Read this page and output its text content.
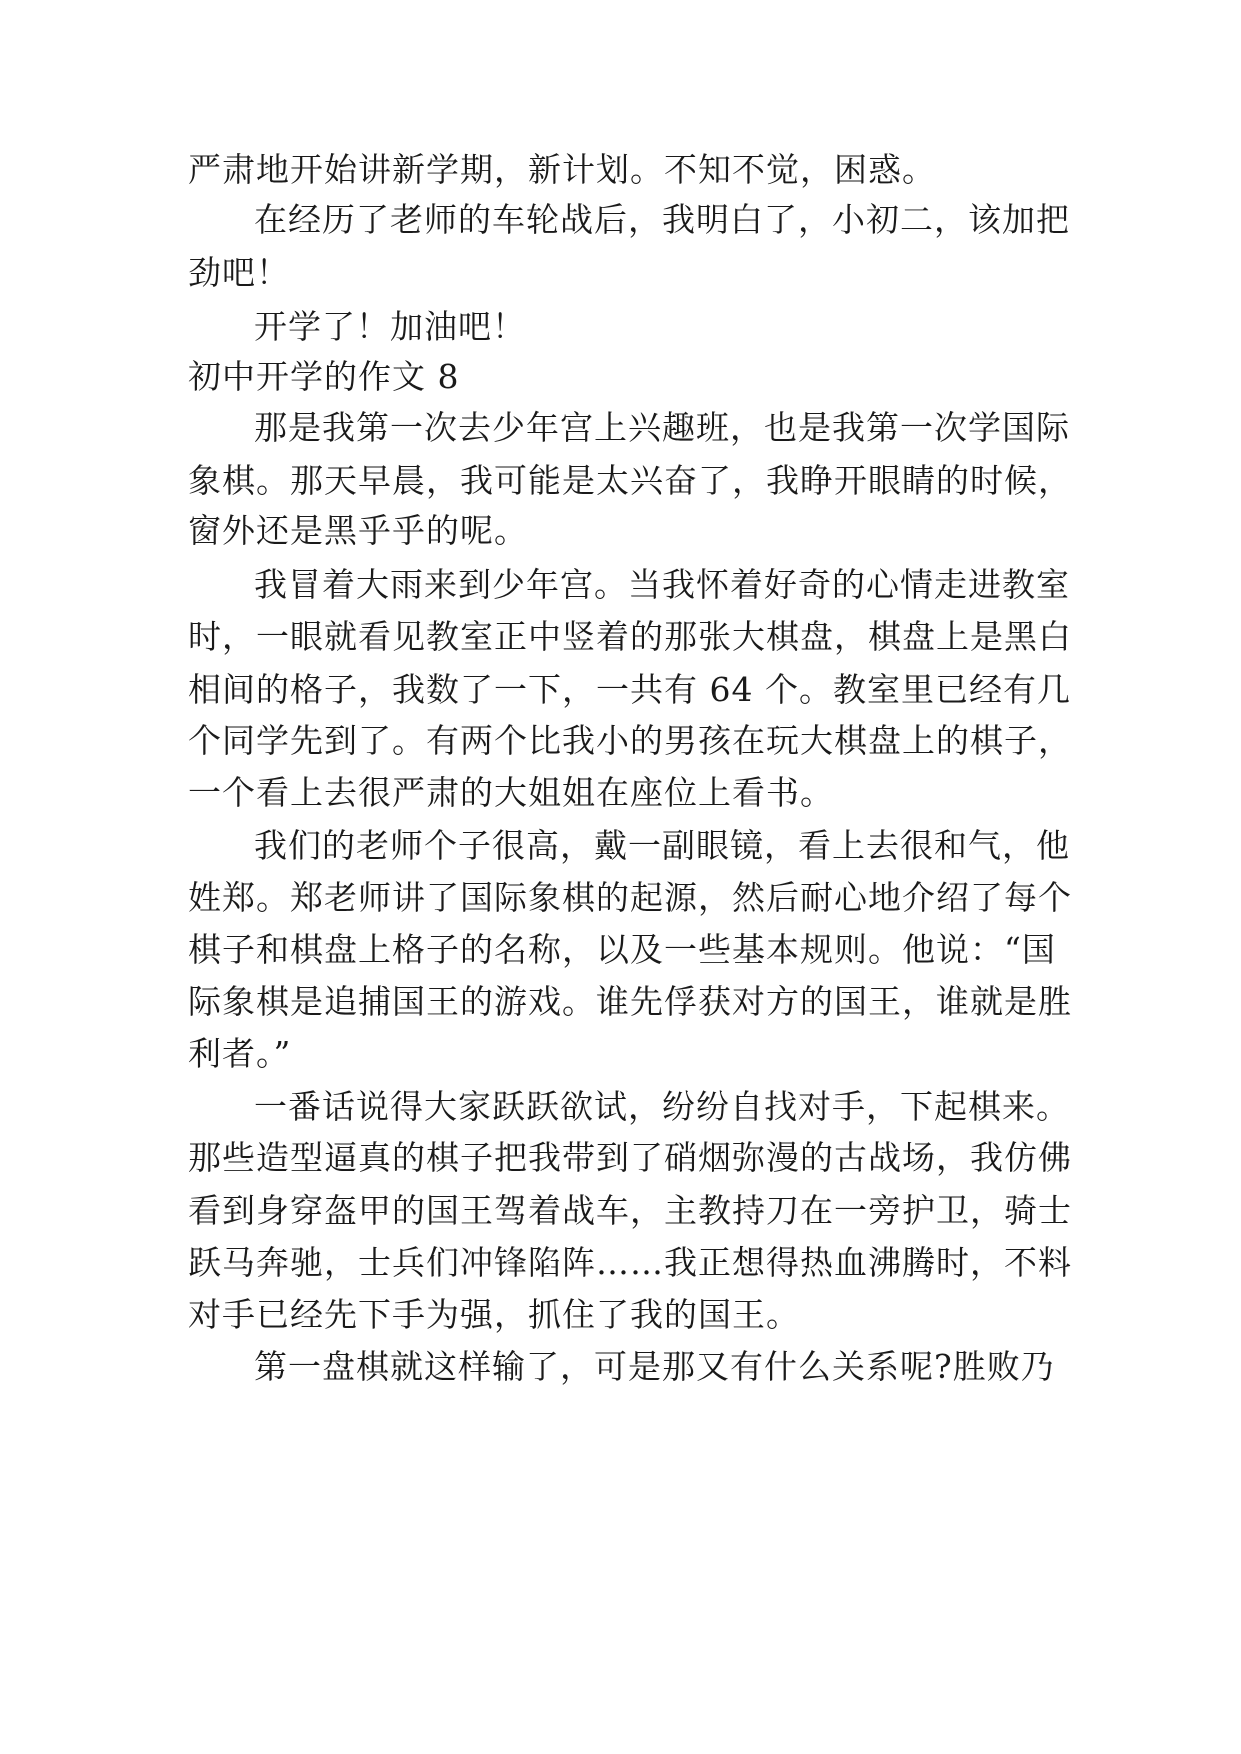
严肃地开始讲新学期，新计划。不知不觉，困惑。
在经历了老师的车轮战后，我明白了，小初二，该加把
劲吧！
开学了！加油吧！
初中开学的作文 8
那是我第一次去少年宫上兴趣班，也是我第一次学国际
象棋。那天早晨，我可能是太兴奋了，我睁开眼睛的时候，
窗外还是黑乎乎的呢。
我冒着大雨来到少年宫。当我怀着好奇的心情走进教室
时，一眼就看见教室正中竖着的那张大棋盘，棋盘上是黑白
相间的格子，我数了一下，一共有 64 个。教室里已经有几
个同学先到了。有两个比我小的男孩在玩大棋盘上的棋子，
一个看上去很严肃的大姐姐在座位上看书。
我们的老师个子很高，戴一副眼镜，看上去很和气，他
姓郑。郑老师讲了国际象棋的起源，然后耐心地介绍了每个
棋子和棋盘上格子的名称，以及一些基本规则。他说：“国
际象棋是追捕国王的游戏。谁先俘获对方的国王，谁就是胜
利者。”
一番话说得大家跃跃欲试，纷纷自找对手，下起棋来。
那些造型逼真的棋子把我带到了硝烟弥漫的古战场，我仿佛
看到身穿盔甲的国王驾着战车，主教持刀在一旁护卫，骑士
跃马奔驰，士兵们冲锋陷阵……我正想得热血沸腾时，不料
对手已经先下手为强，抓住了我的国王。
第一盘棋就这样输了，可是那又有什么关系呢?胜败乃
